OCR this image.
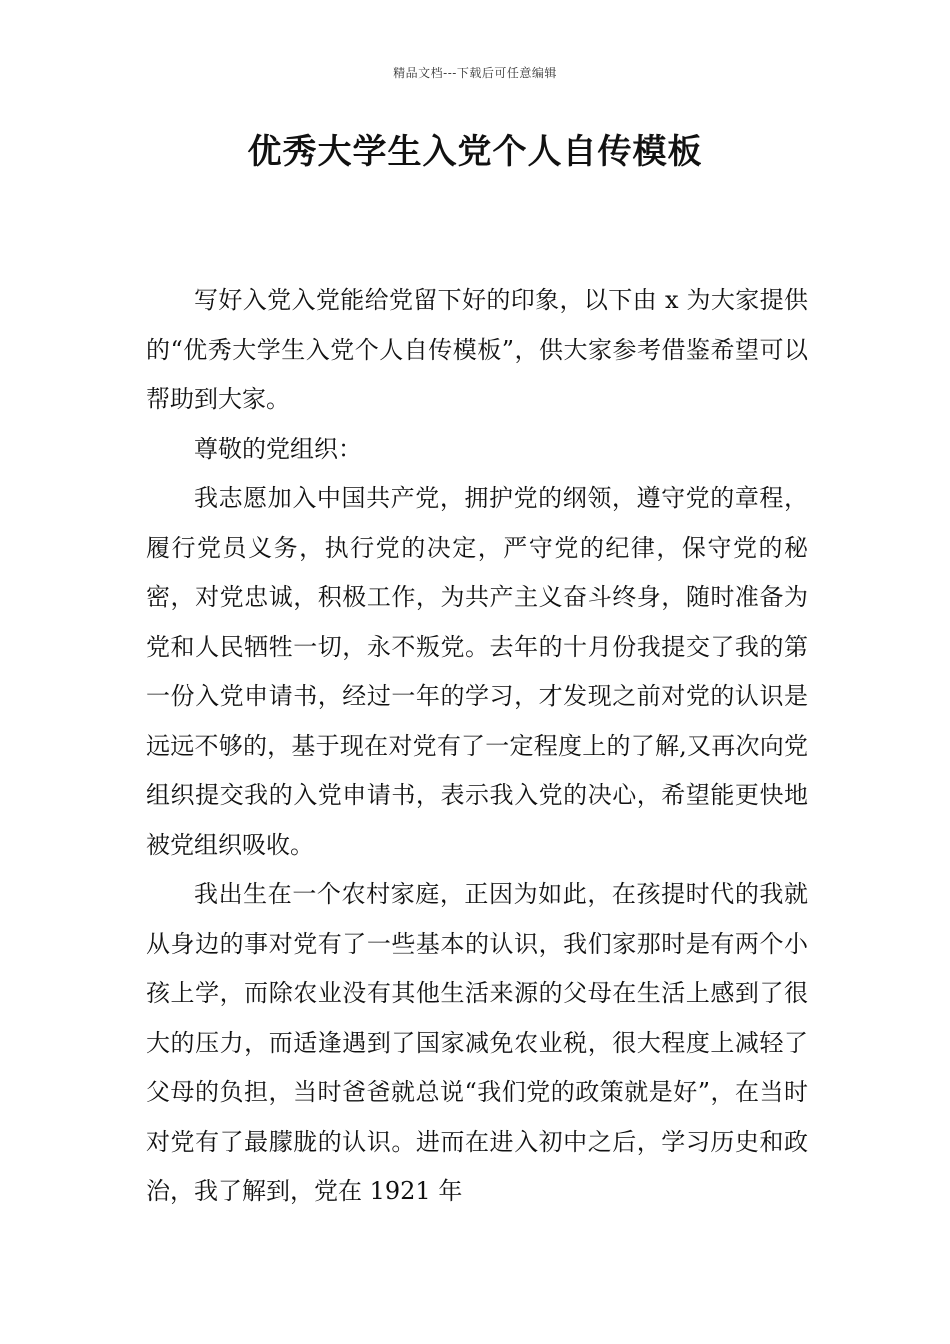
精品文档---下载后可任意编辑
优秀大学生入党个人自传模板

写好入党入党能给党留下好的印象，以下由 x 为大家提供的“优秀大学生入党个人自传模板”，供大家参考借鉴希望可以帮助到大家。

尊敬的党组织：

我志愿加入中国共产党，拥护党的纲领，遵守党的章程，履行党员义务，执行党的决定，严守党的纪律，保守党的秘密，对党忠诚，积极工作，为共产主义奋斗终身，随时准备为党和人民牺牲一切，永不叛党。去年的十月份我提交了我的第一份入党申请书，经过一年的学习，才发现之前对党的认识是远远不够的，基于现在对党有了一定程度上的了解,又再次向党组织提交我的入党申请书，表示我入党的决心，希望能更快地被党组织吸收。

我出生在一个农村家庭，正因为如此，在孩提时代的我就从身边的事对党有了一些基本的认识，我们家那时是有两个小孩上学，而除农业没有其他生活来源的父母在生活上感到了很大的压力，而适逢遇到了国家减免农业税，很大程度上减轻了父母的负担，当时爸爸就总说“我们党的政策就是好”，在当时对党有了最朦胧的认识。进而在进入初中之后，学习历史和政治，我了解到，党在 1921 年
